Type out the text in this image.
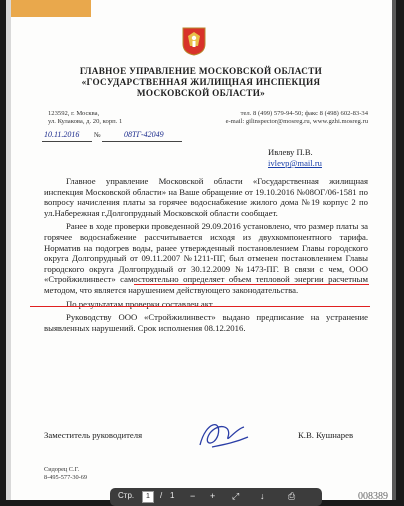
ГЛАВНОЕ УПРАВЛЕНИЕ МОСКОВСКОЙ ОБЛАСТИ
«ГОСУДАРСТВЕННАЯ ЖИЛИЩНАЯ ИНСПЕКЦИЯ
МОСКОВСКОЙ ОБЛАСТИ»
123592, г. Москва,
ул. Кулакова, д. 20, корп. 1
тел. 8 (499) 579-94-50; факс 8 (498) 602-83-34
e-mail: gilinspector@mosreg.ru, www.gzhi.mosreg.ru
10.11.2016 №	08ТГ-42049
Ивлеву П.В.
ivlevp@mail.ru

Главное управление Московской области «Государственная жилищная инспекция Московской области» на Ваше обращение от 19.10.2016 №08ОГ/06-1581 по вопросу начисления платы за горячее водоснабжение жилого дома №19 корпус 2 по ул.Набережная г.Долгопрудный Московской области сообщает.

Ранее в ходе проверки проведенной 29.09.2016 установлено, что размер платы за горячее водоснабжение рассчитывается исходя из двухкомпонентного тарифа. Норматив на подогрев воды, ранее утвержденный постановлением Главы городского округа Долгопрудный от 09.11.2007 №1211-ПГ, был отменен постановлением Главы городского округа Долгопрудный от 30.12.2009 №1473-ПГ. В связи с чем, ООО «Стройжилинвест» самостоятельно определяет объем тепловой энергии расчетным методом, что является нарушением действующего законодательства.

По результатам проверки составлен акт.

Руководству ООО «Стройжилинвест» выдано предписание на устранение выявленных нарушений. Срок исполнения 08.12.2016.

Заместитель руководителя	К.В. Кушнарев
Сидорец С.Г.
8-495-577-30-69
008389
Стр.	1	/ 1 − + ⤢ ↓	⎙
